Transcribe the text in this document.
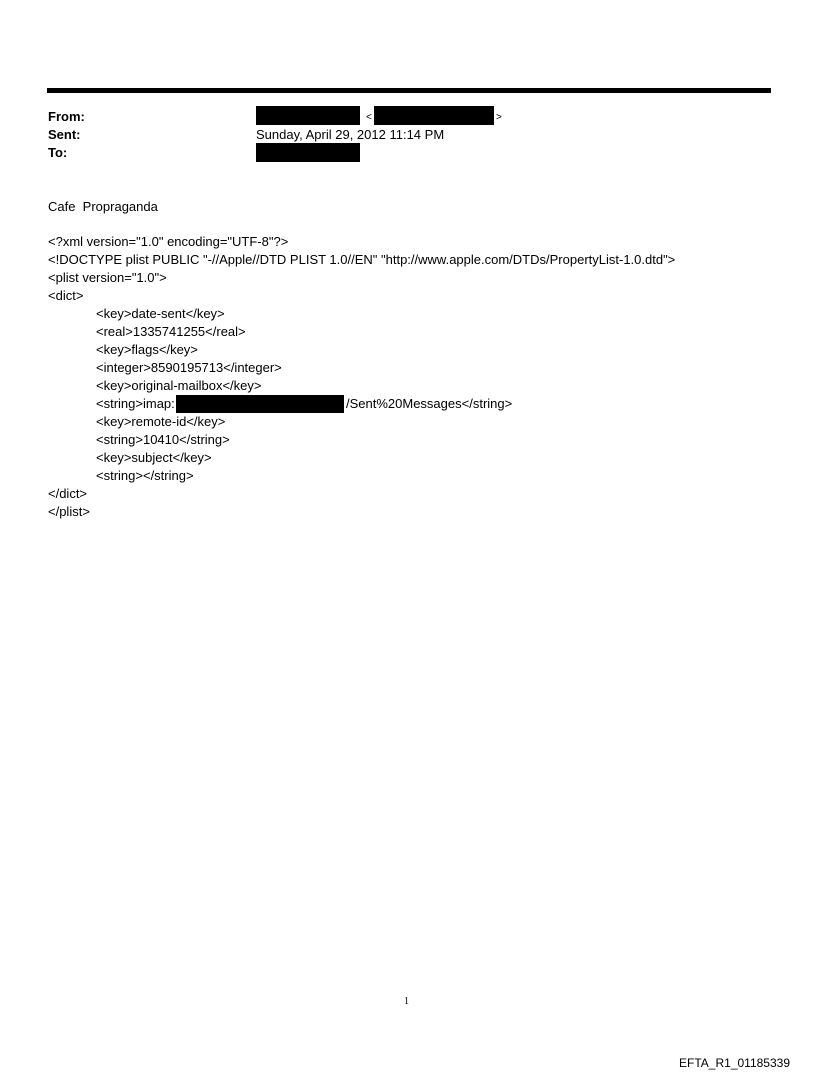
From:
Sent:
To:
<	>
Sunday, April 29, 2012 11:14 PM
Cafe  Propraganda
<?xml version="1.0" encoding="UTF-8"?>
<!DOCTYPE plist PUBLIC "-//Apple//DTD PLIST 1.0//EN" "http://www.apple.com/DTDs/PropertyList-1.0.dtd">
<plist version="1.0">
<dict>
<key>date-sent</key>
<real>1335741255</real>
<key>flags</key>
<integer>8590195713</integer>
<key>original-mailbox</key>
<string>imap:	/Sent%20Messages</string>
<key>remote-id</key>
<string>10410</string>
<key>subject</key>
<string></string>
</dict>
</plist>
1
EFTA_R1_01185339
